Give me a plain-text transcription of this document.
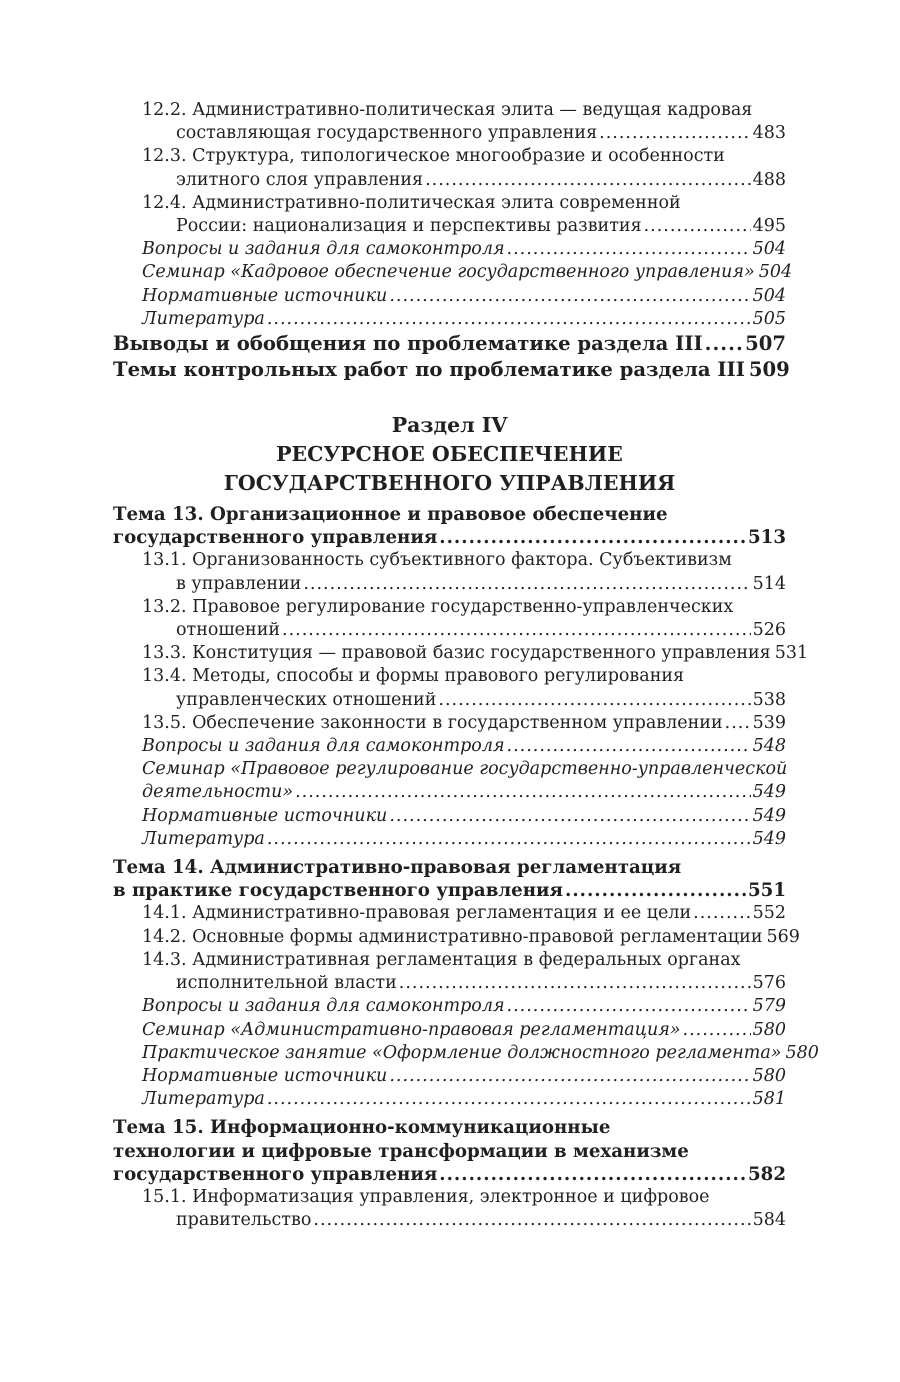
12.2. Административно-политическая элита — ведущая кадровая
составляющая государственного управления .....	483
12.3. Структура, типологическое многообразие и особенности
элитного слоя управления .....	488
12.4. Административно-политическая элита современной
России: национализация и перспективы развития .....	495
Вопросы и задания для самоконтроля .....	504
Семинар «Кадровое обеспечение государственного управления» 504
Нормативные источники .....	504
Литература .....	505
Выводы и обобщения по проблематике раздела III ..... 507
Темы контрольных работ по проблематике раздела III 509
Раздел IV
РЕСУРСНОЕ ОБЕСПЕЧЕНИЕ
ГОСУДАРСТВЕННОГО УПРАВЛЕНИЯ
Тема 13. Организационное и правовое обеспечение
государственного управления .....	513
13.1. Организованность субъективного фактора. Субъективизм
в управлении .....	514
13.2. Правовое регулирование государственно-управленческих
отношений .....	526
13.3. Конституция — правовой базис государственного управления 531
13.4. Методы, способы и формы правового регулирования
управленческих отношений .....	538
13.5. Обеспечение законности в государственном управлении ..... 539
Вопросы и задания для самоконтроля .....	548
Семинар «Правовое регулирование государственно-управленческой
деятельности» .....	549
Нормативные источники .....	549
Литература .....	549
Тема 14. Административно-правовая регламентация
в практике государственного управления .....	551
14.1. Административно-правовая регламентация и ее цели .....	552
14.2. Основные формы административно-правовой регламентации 569
14.3. Административная регламентация в федеральных органах
исполнительной власти .....	576
Вопросы и задания для самоконтроля .....	579
Семинар «Административно-правовая регламентация» .....	580
Практическое занятие «Оформление должностного регламента» 580
Нормативные источники .....	580
Литература .....	581
Тема 15. Информационно-коммуникационные
технологии и цифровые трансформации в механизме
государственного управления .....	582
15.1. Информатизация управления, электронное и цифровое
правительство .....	584
